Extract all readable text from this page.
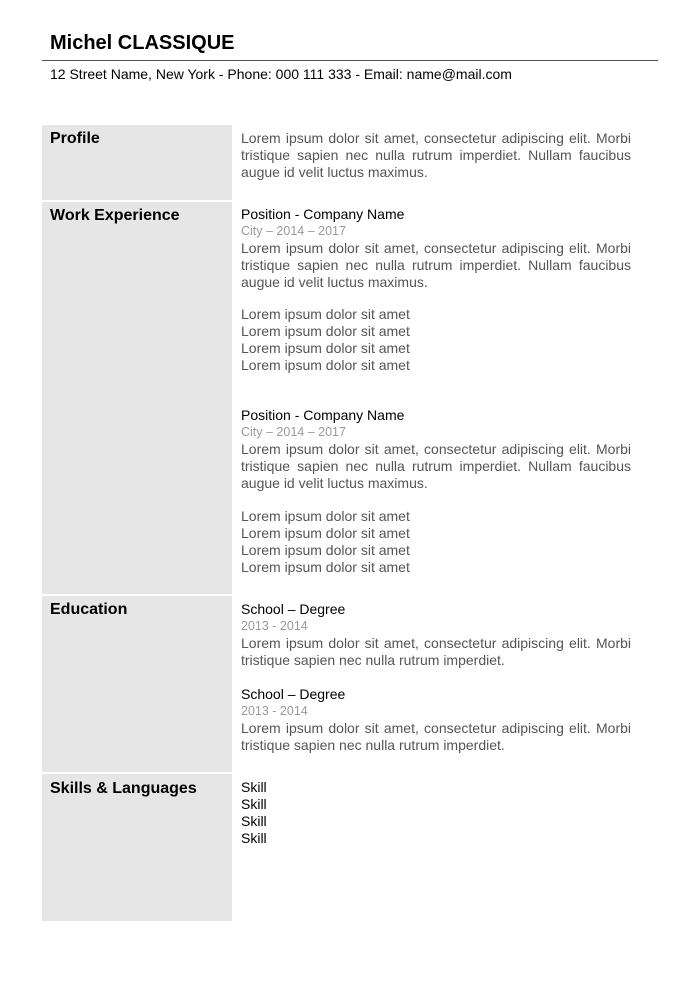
Michel CLASSIQUE
12 Street Name, New York - Phone: 000 111 333 - Email: name@mail.com
Profile
Work Experience
Education
Skills & Languages
Lorem ipsum dolor sit amet, consectetur adipiscing elit. Morbi tristique sapien nec nulla rutrum imperdiet. Nullam faucibus augue id velit luctus maximus.
Position - Company Name
City – 2014 – 2017
Lorem ipsum dolor sit amet, consectetur adipiscing elit. Morbi tristique sapien nec nulla rutrum imperdiet. Nullam faucibus augue id velit luctus maximus.
Lorem ipsum dolor sit amet
Lorem ipsum dolor sit amet
Lorem ipsum dolor sit amet
Lorem ipsum dolor sit amet
Position - Company Name
City – 2014 – 2017
Lorem ipsum dolor sit amet, consectetur adipiscing elit. Morbi tristique sapien nec nulla rutrum imperdiet. Nullam faucibus augue id velit luctus maximus.
Lorem ipsum dolor sit amet
Lorem ipsum dolor sit amet
Lorem ipsum dolor sit amet
Lorem ipsum dolor sit amet
School – Degree
2013 - 2014
Lorem ipsum dolor sit amet, consectetur adipiscing elit. Morbi tristique sapien nec nulla rutrum imperdiet.
School – Degree
2013 - 2014
Lorem ipsum dolor sit amet, consectetur adipiscing elit. Morbi tristique sapien nec nulla rutrum imperdiet.
Skill
Skill
Skill
Skill
